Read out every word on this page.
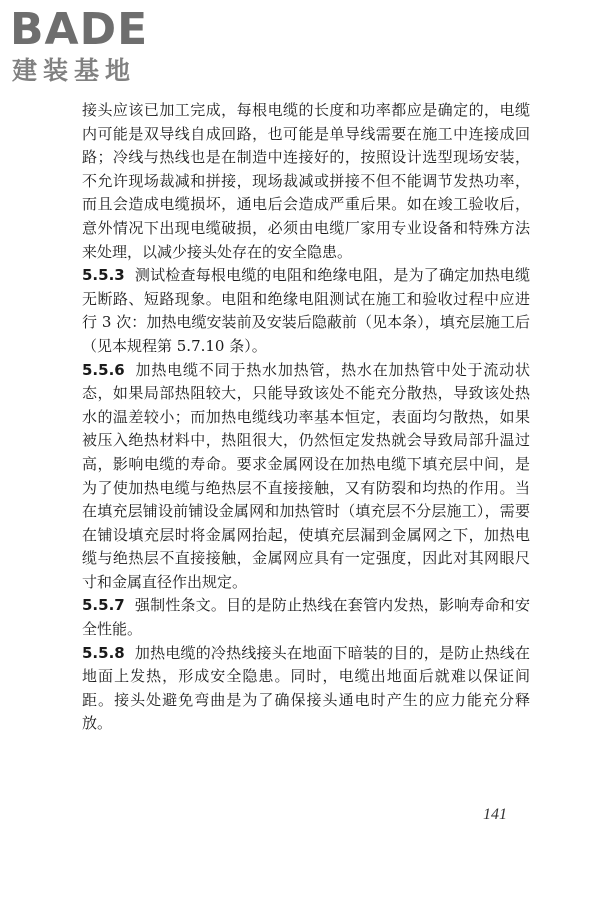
BADE
建装基地

接头应该已加工完成，每根电缆的长度和功率都应是确定的，电缆内可能是双导线自成回路，也可能是单导线需要在施工中连接成回路；冷线与热线也是在制造中连接好的，按照设计选型现场安装，不允许现场裁减和拼接，现场裁减或拼接不但不能调节发热功率，而且会造成电缆损坏，通电后会造成严重后果。如在竣工验收后，意外情况下出现电缆破损，必须由电缆厂家用专业设备和特殊方法来处理，以减少接头处存在的安全隐患。

5.5.3 测试检查每根电缆的电阻和绝缘电阻，是为了确定加热电缆无断路、短路现象。电阻和绝缘电阻测试在施工和验收过程中应进行 3 次：加热电缆安装前及安装后隐蔽前（见本条），填充层施工后（见本规程第 5.7.10 条）。

5.5.6 加热电缆不同于热水加热管，热水在加热管中处于流动状态，如果局部热阻较大，只能导致该处不能充分散热，导致该处热水的温差较小；而加热电缆线功率基本恒定，表面均匀散热，如果被压入绝热材料中，热阻很大，仍然恒定发热就会导致局部升温过高，影响电缆的寿命。要求金属网设在加热电缆下填充层中间，是为了使加热电缆与绝热层不直接接触，又有防裂和均热的作用。当在填充层铺设前铺设金属网和加热管时（填充层不分层施工），需要在铺设填充层时将金属网抬起，使填充层漏到金属网之下，加热电缆与绝热层不直接接触，金属网应具有一定强度，因此对其网眼尺寸和金属直径作出规定。

5.5.7 强制性条文。目的是防止热线在套管内发热，影响寿命和安全性能。

5.5.8 加热电缆的冷热线接头在地面下暗装的目的，是防止热线在地面上发热，形成安全隐患。同时，电缆出地面后就难以保证间距。接头处避免弯曲是为了确保接头通电时产生的应力能充分释放。

141
